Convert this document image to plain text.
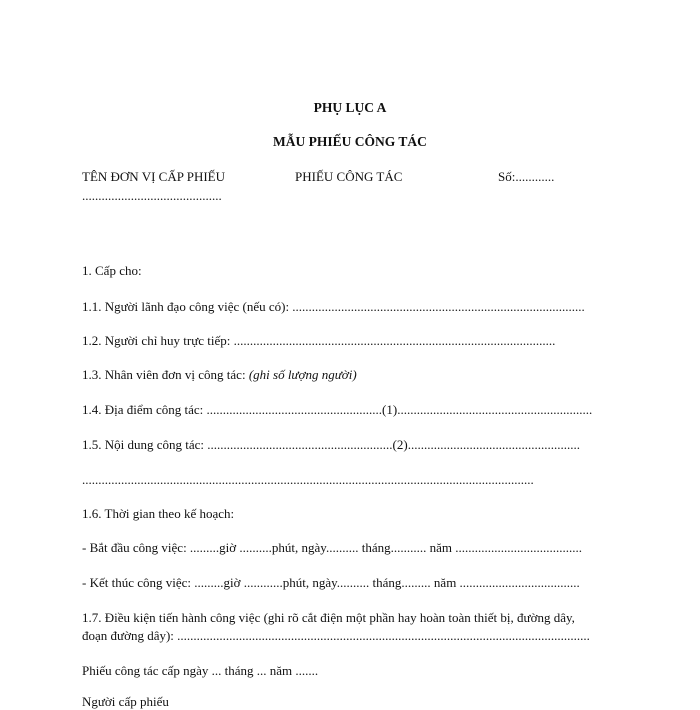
PHỤ LỤC A
MẪU PHIẾU CÔNG TÁC
TÊN ĐƠN VỊ CẤP PHIẾU	PHIẾU CÔNG TÁC	Số:............
...........................................
1. Cấp cho:
1.1. Người lãnh đạo công việc (nếu có): ..........................................................................................
1.2. Người chỉ huy trực tiếp: ...................................................................................................
1.3. Nhân viên đơn vị công tác: (ghi số lượng người)
1.4. Địa điểm công tác: ......................................................(1)............................................................
1.5. Nội dung công tác: .........................................................(2).....................................................
...........................................................................................................................................
1.6. Thời gian theo kế hoạch:
- Bắt đầu công việc: .........giờ ..........phút, ngày.......... tháng........... năm .......................................
- Kết thúc công việc: .........giờ ............phút, ngày.......... tháng......... năm .....................................
1.7. Điều kiện tiến hành công việc (ghi rõ cắt điện một phần hay hoàn toàn thiết bị, đường dây,
đoạn đường dây): ...............................................................................................................................
Phiếu công tác cấp ngày ... tháng ... năm .......
Người cấp phiếu
